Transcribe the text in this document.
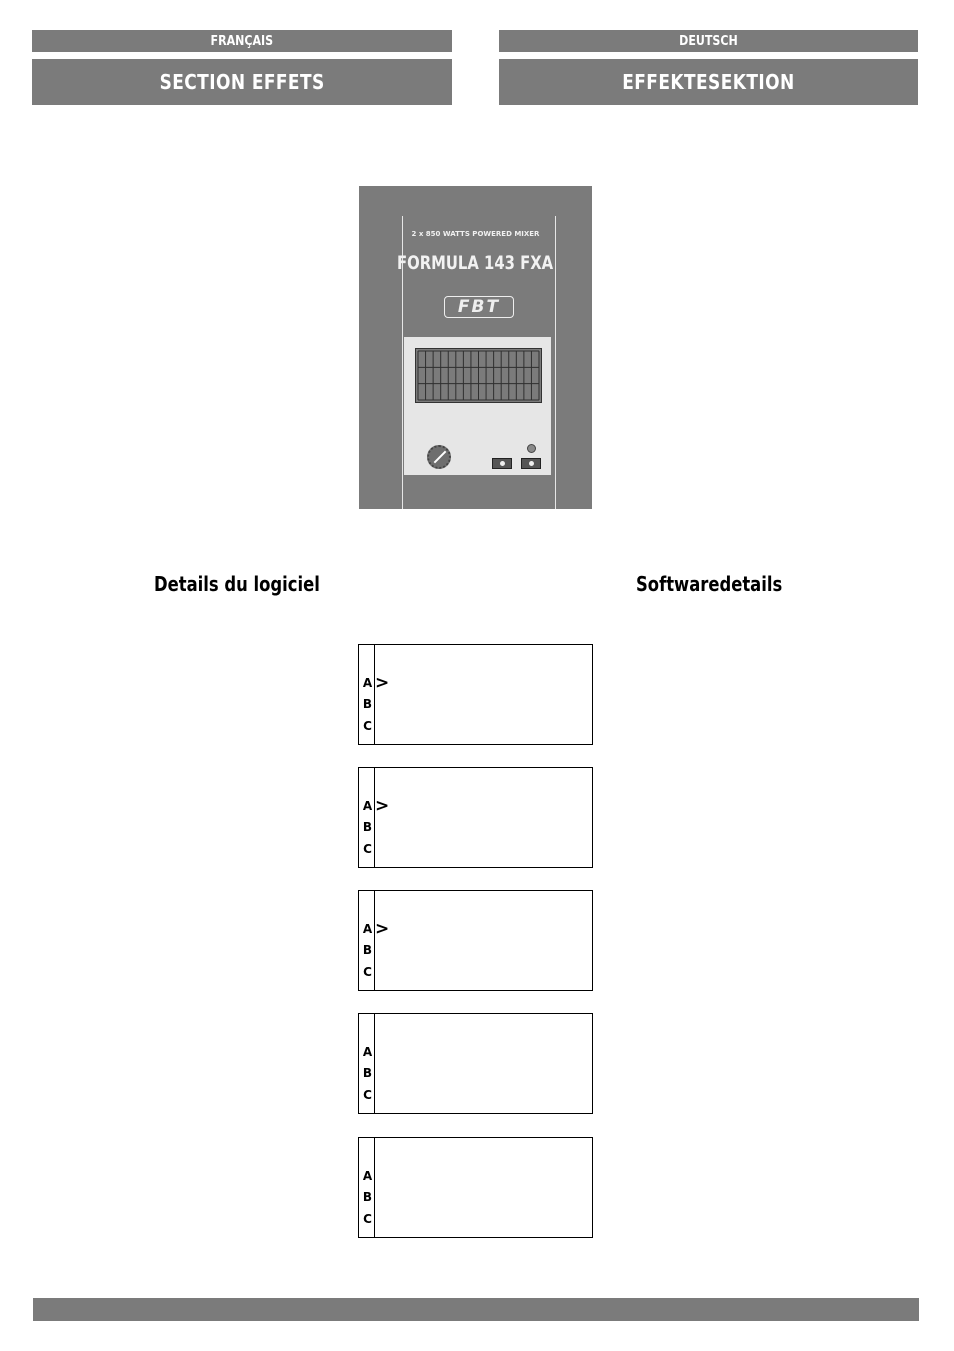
FRANÇAIS	DEUTSCH
SECTION EFFETS	EFFEKTESEKTION
2 x 850 WATTS POWERED MIXER
FORMULA 143 FXA
FBT
Details du logiciel	Softwaredetails
A
B
C
>
A
B
C
>
A
B
C
>
A
B
C
A
B
C
